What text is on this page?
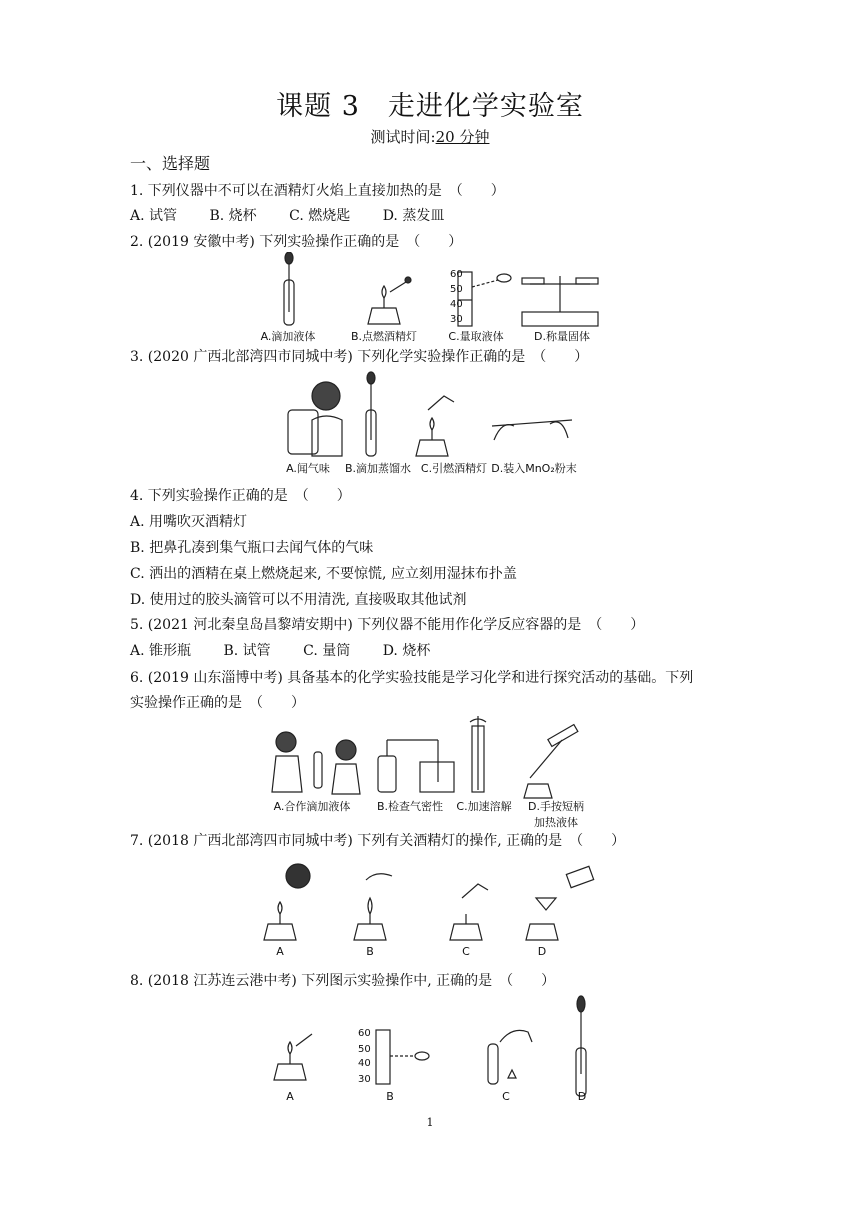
课题 3　走进化学实验室
测试时间:20 分钟
一、选择题
1. 下列仪器中不可以在酒精灯火焰上直接加热的是　（　　）
A. 试管 B. 烧杯 C. 燃烧匙 D. 蒸发皿
2. (2019 安徽中考) 下列实验操作正确的是　（　　）
60
50
40
30
A.滴加液体	B.点燃酒精灯	C.量取液体	D.称量固体
3. (2020 广西北部湾四市同城中考) 下列化学实验操作正确的是　（　　）
A.闻气味 B.滴加蒸馏水 C.引燃酒精灯 D.装入MnO₂粉末
4. 下列实验操作正确的是　（　　）
A. 用嘴吹灭酒精灯
B. 把鼻孔凑到集气瓶口去闻气体的气味
C. 洒出的酒精在桌上燃烧起来, 不要惊慌, 应立刻用湿抹布扑盖
D. 使用过的胶头滴管可以不用清洗, 直接吸取其他试剂
5. (2021 河北秦皇岛昌黎靖安期中) 下列仪器不能用作化学反应容器的是　（　　）
A. 锥形瓶 B. 试管 C. 量筒 D. 烧杯
6. (2019 山东淄博中考) 具备基本的化学实验技能是学习化学和进行探究活动的基础。下列
实验操作正确的是　（　　）
A.合作滴加液体 B.检查气密性 C.加速溶解 D.手按短柄
加热液体
7. (2018 广西北部湾四市同城中考) 下列有关酒精灯的操作, 正确的是　（　　）
A	B	C	D
8. (2018 江苏连云港中考) 下列图示实验操作中, 正确的是　（　　）
60
50
40
30
A	B	C	D
1
